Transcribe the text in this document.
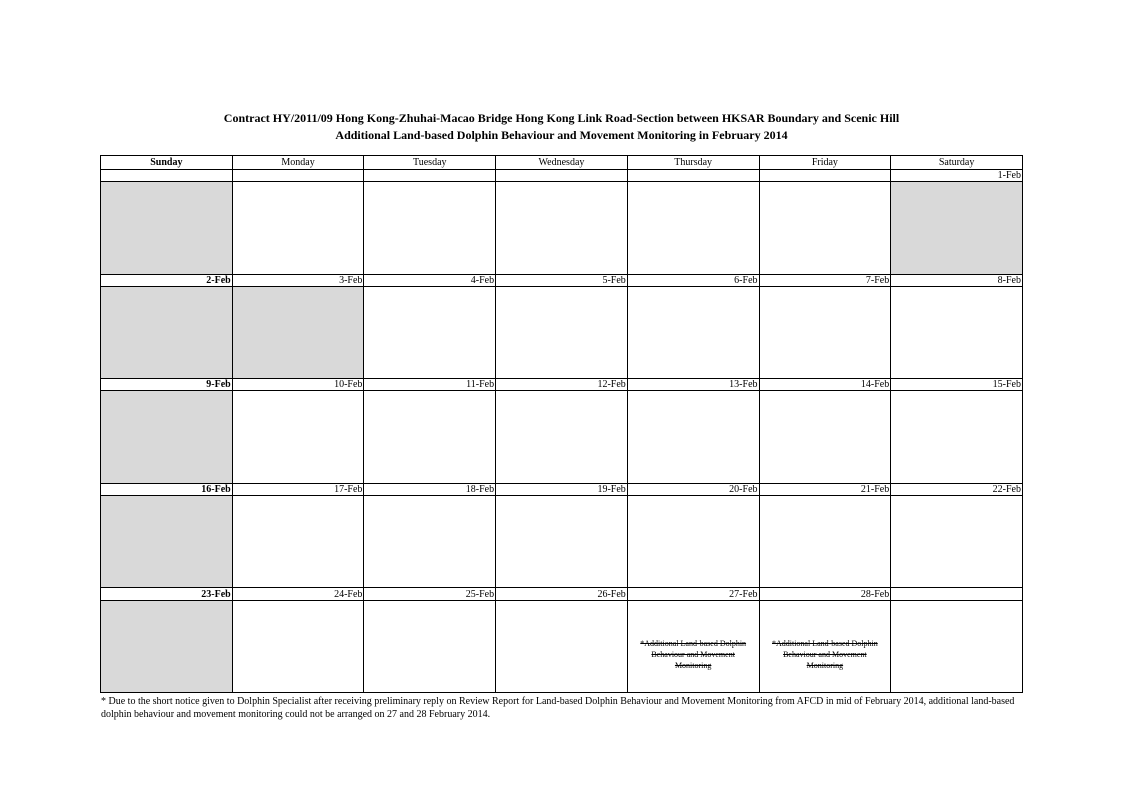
Contract HY/2011/09 Hong Kong-Zhuhai-Macao Bridge Hong Kong Link Road-Section between HKSAR Boundary and Scenic Hill
Additional Land-based Dolphin Behaviour and Movement Monitoring in February 2014
Sunday	Monday	Tuesday	Wednesday	Thursday	Friday	Saturday
						1-Feb

2-Feb	3-Feb	4-Feb	5-Feb	6-Feb	7-Feb	8-Feb

9-Feb	10-Feb	11-Feb	12-Feb	13-Feb	14-Feb	15-Feb

16-Feb	17-Feb	18-Feb	19-Feb	20-Feb	21-Feb	22-Feb

23-Feb	24-Feb	25-Feb	26-Feb	27-Feb	28-Feb	

				*Additional Land-based Dolphin Behaviour and Movement Monitoring	*Additional Land-based Dolphin Behaviour and Movement Monitoring	

* Due to the short notice given to Dolphin Specialist after receiving preliminary reply on Review Report for Land-based Dolphin Behaviour and Movement Monitoring from AFCD in mid of February 2014, additional land-based dolphin behaviour and movement monitoring could not be arranged on 27 and 28 February 2014.
